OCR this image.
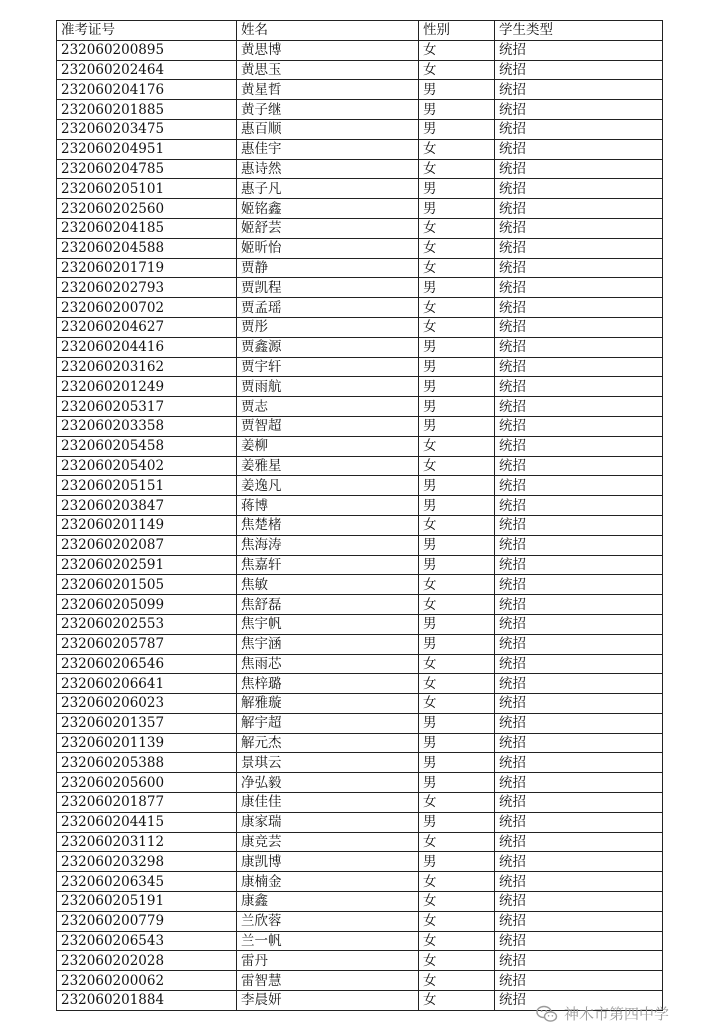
准考证号	姓名	性别	学生类型
232060200895	黄思博	女	统招
232060202464	黄思玉	女	统招
232060204176	黄星哲	男	统招
232060201885	黄子继	男	统招
232060203475	惠百顺	男	统招
232060204951	惠佳宇	女	统招
232060204785	惠诗然	女	统招
232060205101	惠子凡	男	统招
232060202560	姬铭鑫	男	统招
232060204185	姬舒芸	女	统招
232060204588	姬昕怡	女	统招
232060201719	贾静	女	统招
232060202793	贾凯程	男	统招
232060200702	贾孟瑶	女	统招
232060204627	贾彤	女	统招
232060204416	贾鑫源	男	统招
232060203162	贾宇轩	男	统招
232060201249	贾雨航	男	统招
232060205317	贾志	男	统招
232060203358	贾智超	男	统招
232060205458	姜柳	女	统招
232060205402	姜雅星	女	统招
232060205151	姜逸凡	男	统招
232060203847	蒋博	男	统招
232060201149	焦楚楮	女	统招
232060202087	焦海涛	男	统招
232060202591	焦嘉轩	男	统招
232060201505	焦敏	女	统招
232060205099	焦舒磊	女	统招
232060202553	焦宇帆	男	统招
232060205787	焦宇涵	男	统招
232060206546	焦雨芯	女	统招
232060206641	焦梓璐	女	统招
232060206023	解雅璇	女	统招
232060201357	解宇超	男	统招
232060201139	解元杰	男	统招
232060205388	景琪云	男	统招
232060205600	净弘毅	男	统招
232060201877	康佳佳	女	统招
232060204415	康家瑞	男	统招
232060203112	康竞芸	女	统招
232060203298	康凯博	男	统招
232060206345	康楠金	女	统招
232060205191	康鑫	女	统招
232060200779	兰欣蓉	女	统招
232060206543	兰一帆	女	统招
232060202028	雷丹	女	统招
232060200062	雷智慧	女	统招
232060201884	李晨妍	女	统招
神木市第四中学
